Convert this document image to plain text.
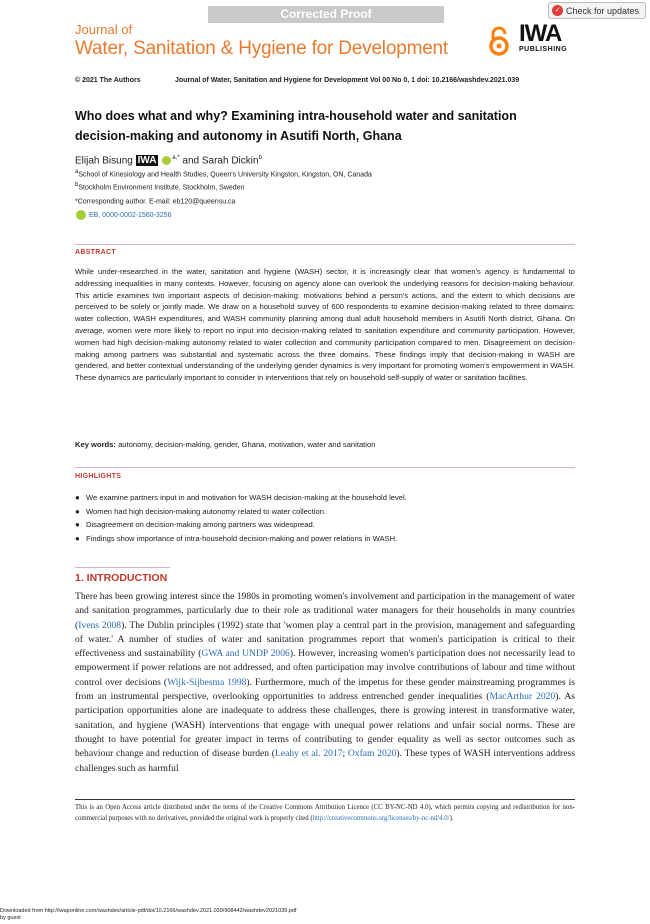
Corrected Proof	✓ Check for updates
Journal of
Water, Sanitation & Hygiene for Development
IWA
PUBLISHING
© 2021 The Authors	Journal of Water, Sanitation and Hygiene for Development Vol 00 No 0, 1 doi: 10.2166/washdev.2021.039
Who does what and why? Examining intra-household water and sanitation decision-making and autonomy in Asutifi North, Ghana
Elijah Bisung IWA	$^{a,*}$ and Sarah Dickin$^b$
aSchool of Kinesiology and Health Studies, Queen's University Kingston, Kingston, ON, Canada
bStockholm Environment Institute, Stockholm, Sweden
*Corresponding author. E-mail: eb120@queensu.ca
EB, 0000-0002-1560-3256
ABSTRACT
While under-researched in the water, sanitation and hygiene (WASH) sector, it is increasingly clear that women's agency is fundamental to addressing inequalities in many contexts. However, focusing on agency alone can overlook the underlying reasons for decision-making behaviour. This article examines two important aspects of decision-making: motivations behind a person's actions, and the extent to which decisions are perceived to be solely or jointly made. We draw on a household survey of 600 respondents to examine decision-making related to three domains: water collection, WASH expenditures, and WASH community planning among dual adult household members in Asutifi North district, Ghana. On average, women were more likely to report no input into decision-making related to sanitation expenditure and community participation. However, women had high decision-making autonomy related to water collection and community participation compared to men. Disagreement on decision-making among partners was substantial and systematic across the three domains. These findings imply that decision-making in WASH are gendered, and better contextual understanding of the underlying gender dynamics is very important for promoting women's empowerment in WASH. These dynamics are particularly important to consider in interventions that rely on household self-supply of water or sanitation facilities.
Key words: autonomy, decision-making, gender, Ghana, motivation, water and sanitation
HIGHLIGHTS
● We examine partners input in and motivation for WASH decision-making at the household level.
● Women had high decision-making autonomy related to water collection.
● Disagreement on decision-making among partners was widespread.
● Findings show importance of intra-household decision-making and power relations in WASH.
1. INTRODUCTION
There has been growing interest since the 1980s in promoting women's involvement and participation in the management of water and sanitation programmes, particularly due to their role as traditional water managers for their households in many countries (Ivens 2008). The Dublin principles (1992) state that 'women play a central part in the provision, management and safeguarding of water.' A number of studies of water and sanitation programmes report that women's participation is critical to their effectiveness and sustainability (GWA and UNDP 2006). However, increasing women's participation does not necessarily lead to empowerment if power relations are not addressed, and often participation may involve contributions of labour and time without control over decisions (Wijk-Sijbesma 1998). Furthermore, much of the impetus for these gender mainstreaming programmes is from an instrumental perspective, overlooking opportunities to address entrenched gender inequalities (MacArthur 2020). As participation opportunities alone are inadequate to address these challenges, there is growing interest in transformative water, sanitation, and hygiene (WASH) interventions that engage with unequal power relations and unfair social norms. These are thought to have potential for greater impact in terms of contributing to gender equality as well as sector outcomes such as behaviour change and reduction of disease burden (Leahy et al. 2017; Oxfam 2020). These types of WASH interventions address challenges such as harmful
This is an Open Access article distributed under the terms of the Creative Commons Attribution Licence (CC BY-NC-ND 4.0), which permits copying and redistribution for non-commercial purposes with no derivatives, provided the original work is properly cited (http://creativecommons.org/licenses/by-nc-nd/4.0/).
Downloaded from http://iwaponline.com/washdev/article-pdf/doi/10.2166/washdev.2021.039/908442/washdev2021039.pdf
by guest
